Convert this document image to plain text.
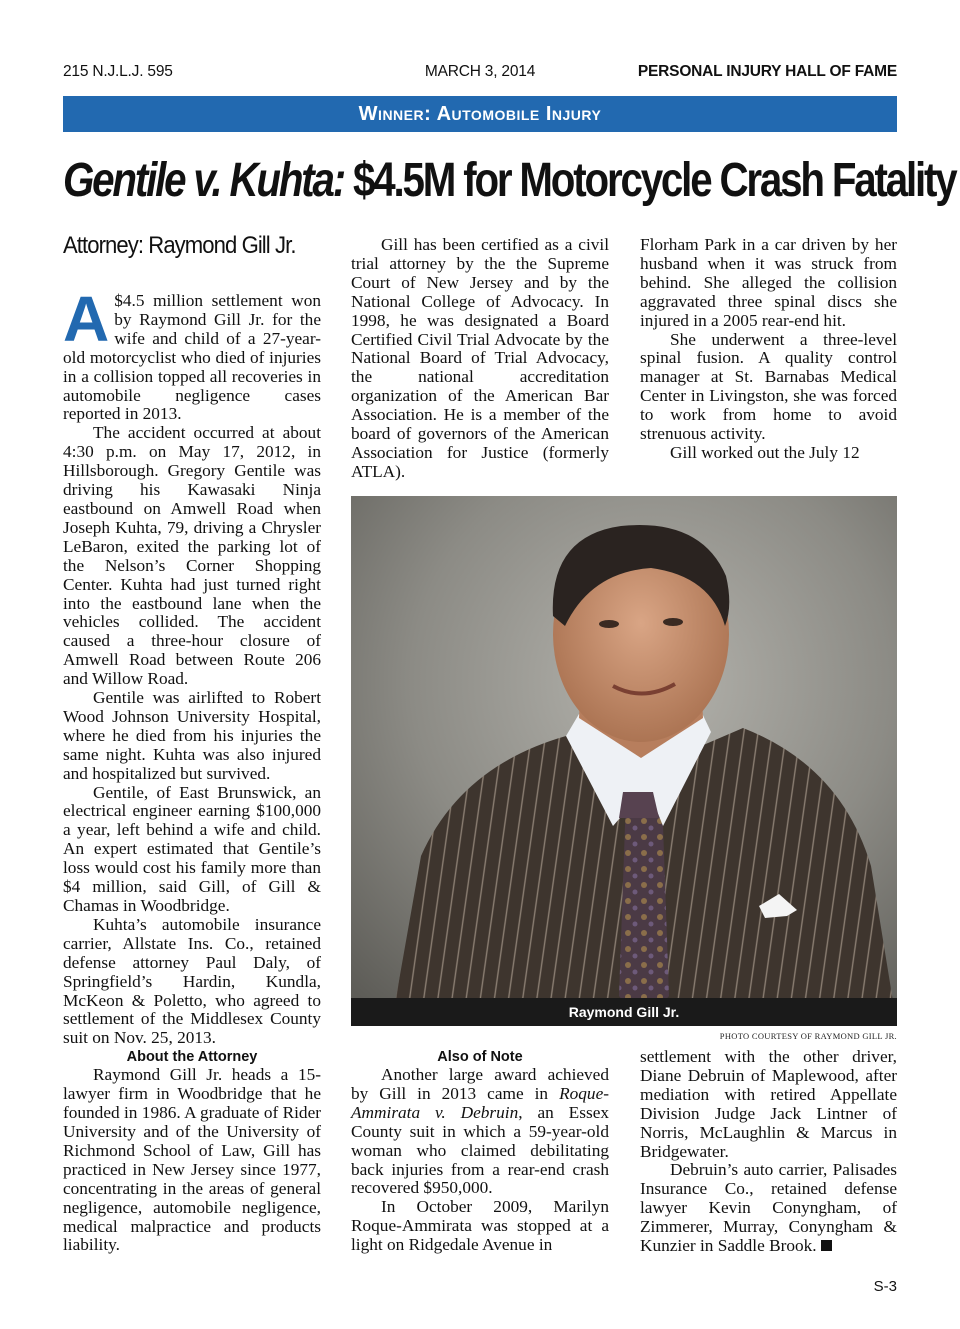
215 N.J.L.J. 595	MARCH 3, 2014	PERSONAL INJURY HALL OF FAME
Winner: Automobile Injury
Gentile v. Kuhta: $4.5M for Motorcycle Crash Fatality
Attorney: Raymond Gill Jr.

A $4.5 million settlement won by Raymond Gill Jr. for the wife and child of a 27-year-old motorcyclist who died of injuries in a collision topped all recoveries in automobile negligence cases reported in 2013.

The accident occurred at about 4:30 p.m. on May 17, 2012, in Hillsborough. Gregory Gentile was driving his Kawasaki Ninja eastbound on Amwell Road when Joseph Kuhta, 79, driving a Chrysler LeBaron, exited the parking lot of the Nelson’s Corner Shopping Center. Kuhta had just turned right into the eastbound lane when the vehicles collided. The accident caused a three-hour closure of Amwell Road between Route 206 and Willow Road.

Gentile was airlifted to Robert Wood Johnson University Hospital, where he died from his injuries the same night. Kuhta was also injured and hospitalized but survived.

Gentile, of East Brunswick, an electrical engineer earning $100,000 a year, left behind a wife and child. An expert estimated that Gentile’s loss would cost his family more than $4 million, said Gill, of Gill & Chamas in Woodbridge.

Kuhta’s automobile insurance carrier, Allstate Ins. Co., retained defense attorney Paul Daly, of Springfield’s Hardin, Kundla, McKeon & Poletto, who agreed to settlement of the Middlesex County suit on Nov. 25, 2013.

About the Attorney

Raymond Gill Jr. heads a 15-lawyer firm in Woodbridge that he founded in 1986. A graduate of Rider University and of the University of Richmond School of Law, Gill has practiced in New Jersey since 1977, concentrating in the areas of general negligence, automobile negligence, medical malpractice and products liability.

Gill has been certified as a civil trial attorney by the the Supreme Court of New Jersey and by the National College of Advocacy. In 1998, he was designated a Board Certified Civil Trial Advocate by the National Board of Trial Advocacy, the national accreditation organization of the American Bar Association. He is a member of the board of governors of the American Association for Justice (formerly ATLA).

Florham Park in a car driven by her husband when it was struck from behind. She alleged the collision aggravated three spinal discs she injured in a 2005 rear-end hit.

She underwent a three-level spinal fusion. A quality control manager at St. Barnabas Medical Center in Livingston, she was forced to work from home to avoid strenuous activity.

Gill worked out the July 12

Raymond Gill Jr.
PHOTO COURTESY OF RAYMOND GILL JR.
Also of Note

Another large award achieved by Gill in 2013 came in Roque-Ammirata v. Debruin, an Essex County suit in which a 59-year-old woman who claimed debilitating back injuries from a rear-end crash recovered $950,000.

In October 2009, Marilyn Roque-Ammirata was stopped at a light on Ridgedale Avenue in

settlement with the other driver, Diane Debruin of Maplewood, after mediation with retired Appellate Division Judge Jack Lintner of Norris, McLaughlin & Marcus in Bridgewater.

Debruin’s auto carrier, Palisades Insurance Co., retained defense lawyer Kevin Conyngham, of Zimmerer, Murray, Conyngham & Kunzier in Saddle Brook.

S-3
